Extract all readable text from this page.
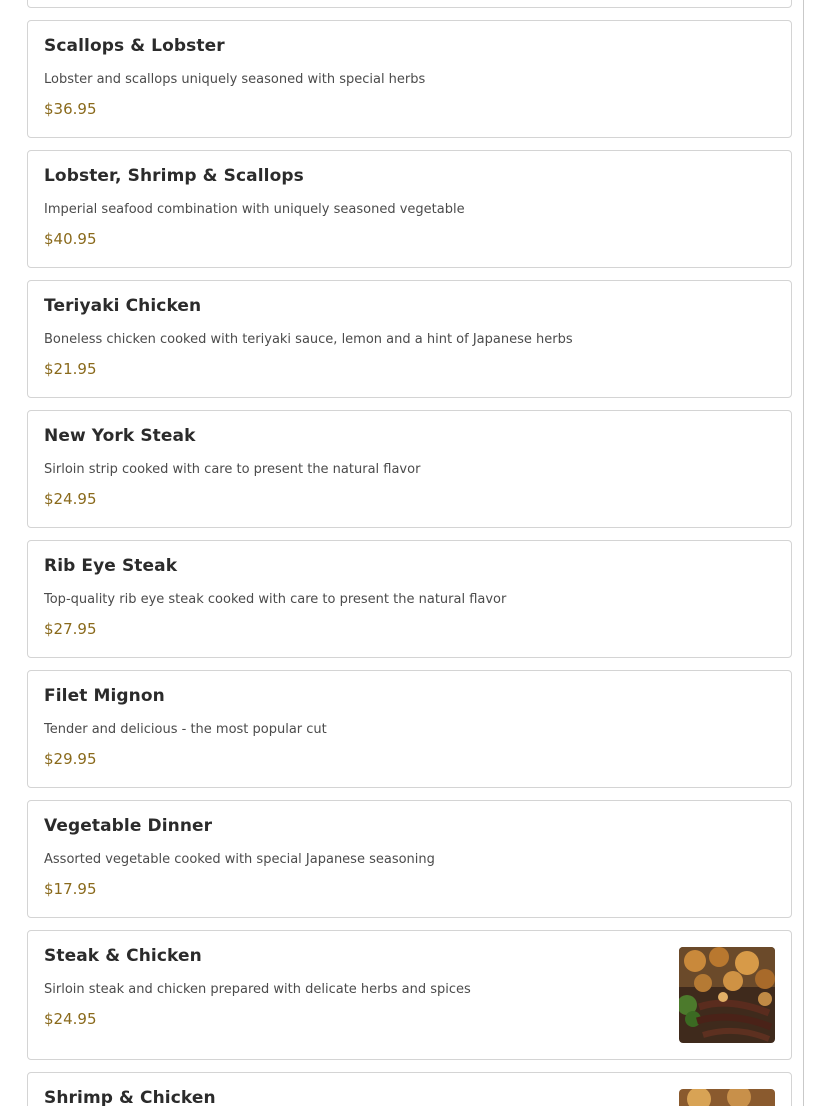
Scallops & Lobster
Lobster and scallops uniquely seasoned with special herbs
$36.95
Lobster, Shrimp & Scallops
Imperial seafood combination with uniquely seasoned vegetable
$40.95
Teriyaki Chicken
Boneless chicken cooked with teriyaki sauce, lemon and a hint of Japanese herbs
$21.95
New York Steak
Sirloin strip cooked with care to present the natural flavor
$24.95
Rib Eye Steak
Top-quality rib eye steak cooked with care to present the natural flavor
$27.95
Filet Mignon
Tender and delicious - the most popular cut
$29.95
Vegetable Dinner
Assorted vegetable cooked with special Japanese seasoning
$17.95
Steak & Chicken
Sirloin steak and chicken prepared with delicate herbs and spices
$24.95
Shrimp & Chicken
